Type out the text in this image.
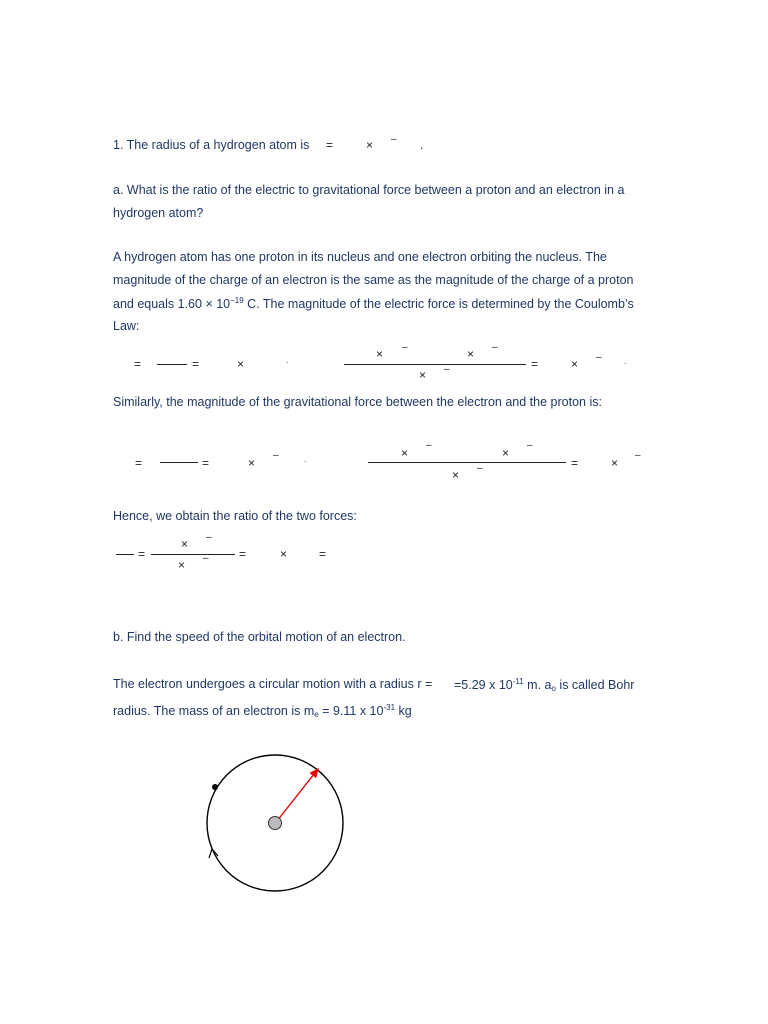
1. The radius of a hydrogen atom is =	× – .
a. What is the ratio of the electric to gravitational force between a proton and an electron in a
hydrogen atom?
A hydrogen atom has one proton in its nucleus and one electron orbiting the nucleus. The
magnitude of the charge of an electron is the same as the magnitude of the charge of a proton
and equals $1.60 \times 10^{-19}$ C. The magnitude of the electric force is determined by the Coulomb’s
Law:
=	=	×	.	× –	× –
× –	=	× –	.
Similarly, the magnitude of the gravitational force between the electron and the proton is:
=	=	×
–	.	×
–
×
–
× –	=	×
–
Hence, we obtain the ratio of the two forces:
=
× –
× –	=	×	=
b. Find the speed of the orbital motion of an electron.
The electron undergoes a circular motion with a radius r = =5.29 x $10^{-11}$ m. $a_o$ is called Bohr
radius. The mass of an electron is $m_e = 9.11$ x $10^{-31}$ kg
